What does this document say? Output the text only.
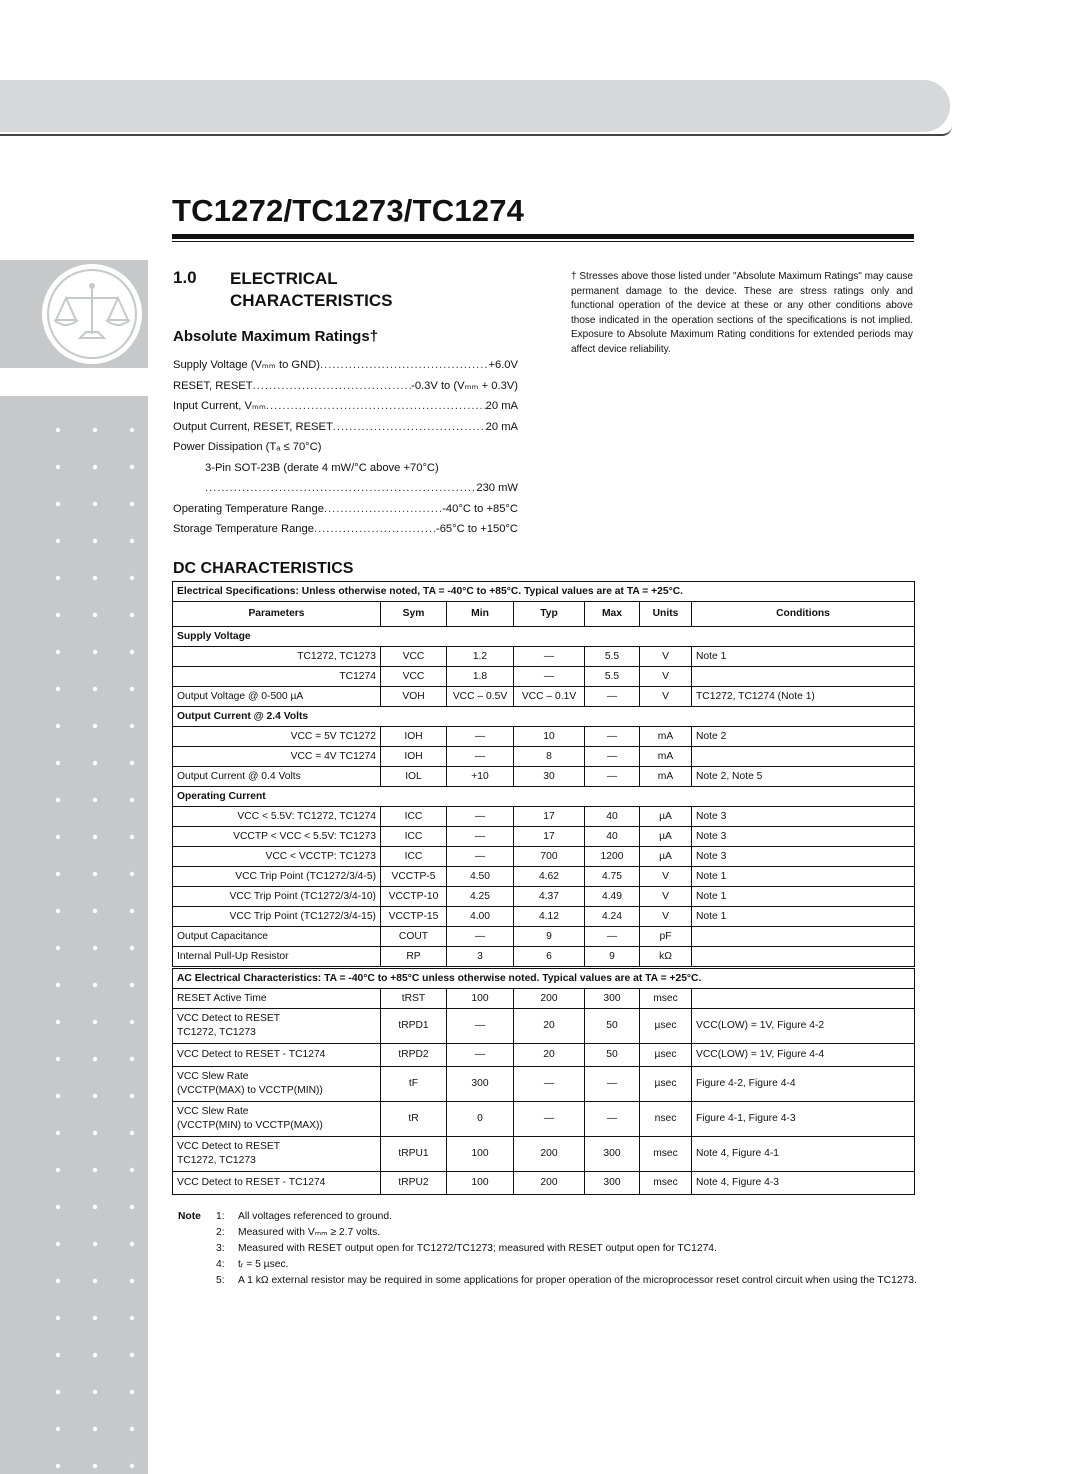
TC1272/TC1273/TC1274
1.0 ELECTRICAL CHARACTERISTICS
Absolute Maximum Ratings†
Supply Voltage (Vₘₘ to GND) .....	+6.0V
RESET, RESET .....	-0.3V to (Vₘₘ + 0.3V)
Input Current, Vₘₘ .....	20 mA
Output Current, RESET, RESET .....	20 mA
Power Dissipation (Tₐ ≤ 70°C)
3-Pin SOT-23B (derate 4 mW/°C above +70°C)
.....
230 mW
Operating Temperature Range .....	-40°C to +85°C
Storage Temperature Range .....	-65°C to +150°C
† Stresses above those listed under "Absolute Maximum Ratings" may cause permanent damage to the device. These are stress ratings only and functional operation of the device at these or any other conditions above those indicated in the operation sections of the specifications is not implied. Exposure to Absolute Maximum Rating conditions for extended periods may affect device reliability.
DC CHARACTERISTICS
Electrical Specifications: Unless otherwise noted, TA = -40°C to +85°C. Typical values are at TA = +25°C.						
Parameters	Sym	Min	Typ	Max	Units	Conditions
Supply Voltage						
TC1272, TC1273	VCC	1.2	—	5.5	V	Note 1
TC1274	VCC	1.8	—	5.5	V	
Output Voltage @ 0-500 µA	VOH	VCC – 0.5V	VCC – 0.1V	—	V	TC1272, TC1274 (Note 1)
Output Current @ 2.4 Volts						
VCC = 5V TC1272	IOH	—	10	—	mA	Note 2
VCC = 4V TC1274	IOH	—	8	—	mA	
Output Current @ 0.4 Volts	IOL	+10	30	—	mA	Note 2, Note 5
Operating Current						
VCC < 5.5V: TC1272, TC1274	ICC	—	17	40	µA	Note 3
VCCTP < VCC < 5.5V: TC1273	ICC	—	17	40	µA	Note 3
VCC < VCCTP: TC1273	ICC	—	700	1200	µA	Note 3
VCC Trip Point (TC1272/3/4-5)	VCCTP-5	4.50	4.62	4.75	V	Note 1
VCC Trip Point (TC1272/3/4-10)	VCCTP-10	4.25	4.37	4.49	V	Note 1
VCC Trip Point (TC1272/3/4-15)	VCCTP-15	4.00	4.12	4.24	V	Note 1
Output Capacitance	COUT	—	9	—	pF	
Internal Pull-Up Resistor	RP	3	6	9	kΩ	
AC Electrical Characteristics: TA = -40°C to +85°C unless otherwise noted. Typical values are at TA = +25°C.						
RESET Active Time	tRST	100	200	300	msec	
VCC Detect to RESET
TC1272, TC1273	tRPD1	—	20	50	µsec	VCC(LOW) = 1V, Figure 4-2
VCC Detect to RESET - TC1274	tRPD2	—	20	50	µsec	VCC(LOW) = 1V, Figure 4-4
VCC Slew Rate
(VCCTP(MAX) to VCCTP(MIN))	tF	300	—	—	µsec	Figure 4-2, Figure 4-4
VCC Slew Rate
(VCCTP(MIN) to VCCTP(MAX))	tR	0	—	—	nsec	Figure 4-1, Figure 4-3
VCC Detect to RESET
TC1272, TC1273	tRPU1	100	200	300	msec	Note 4, Figure 4-1
VCC Detect to RESET - TC1274	tRPU2	100	200	300	msec	Note 4, Figure 4-3
Note	1:	All voltages referenced to ground.
2:	Measured with Vₘₘ ≥ 2.7 volts.
3:	Measured with RESET output open for TC1272/TC1273; measured with RESET output open for TC1274.
4:	tᵣ = 5 µsec.
5:	A 1 kΩ external resistor may be required in some applications for proper operation of the microprocessor reset control circuit when using the TC1273.
